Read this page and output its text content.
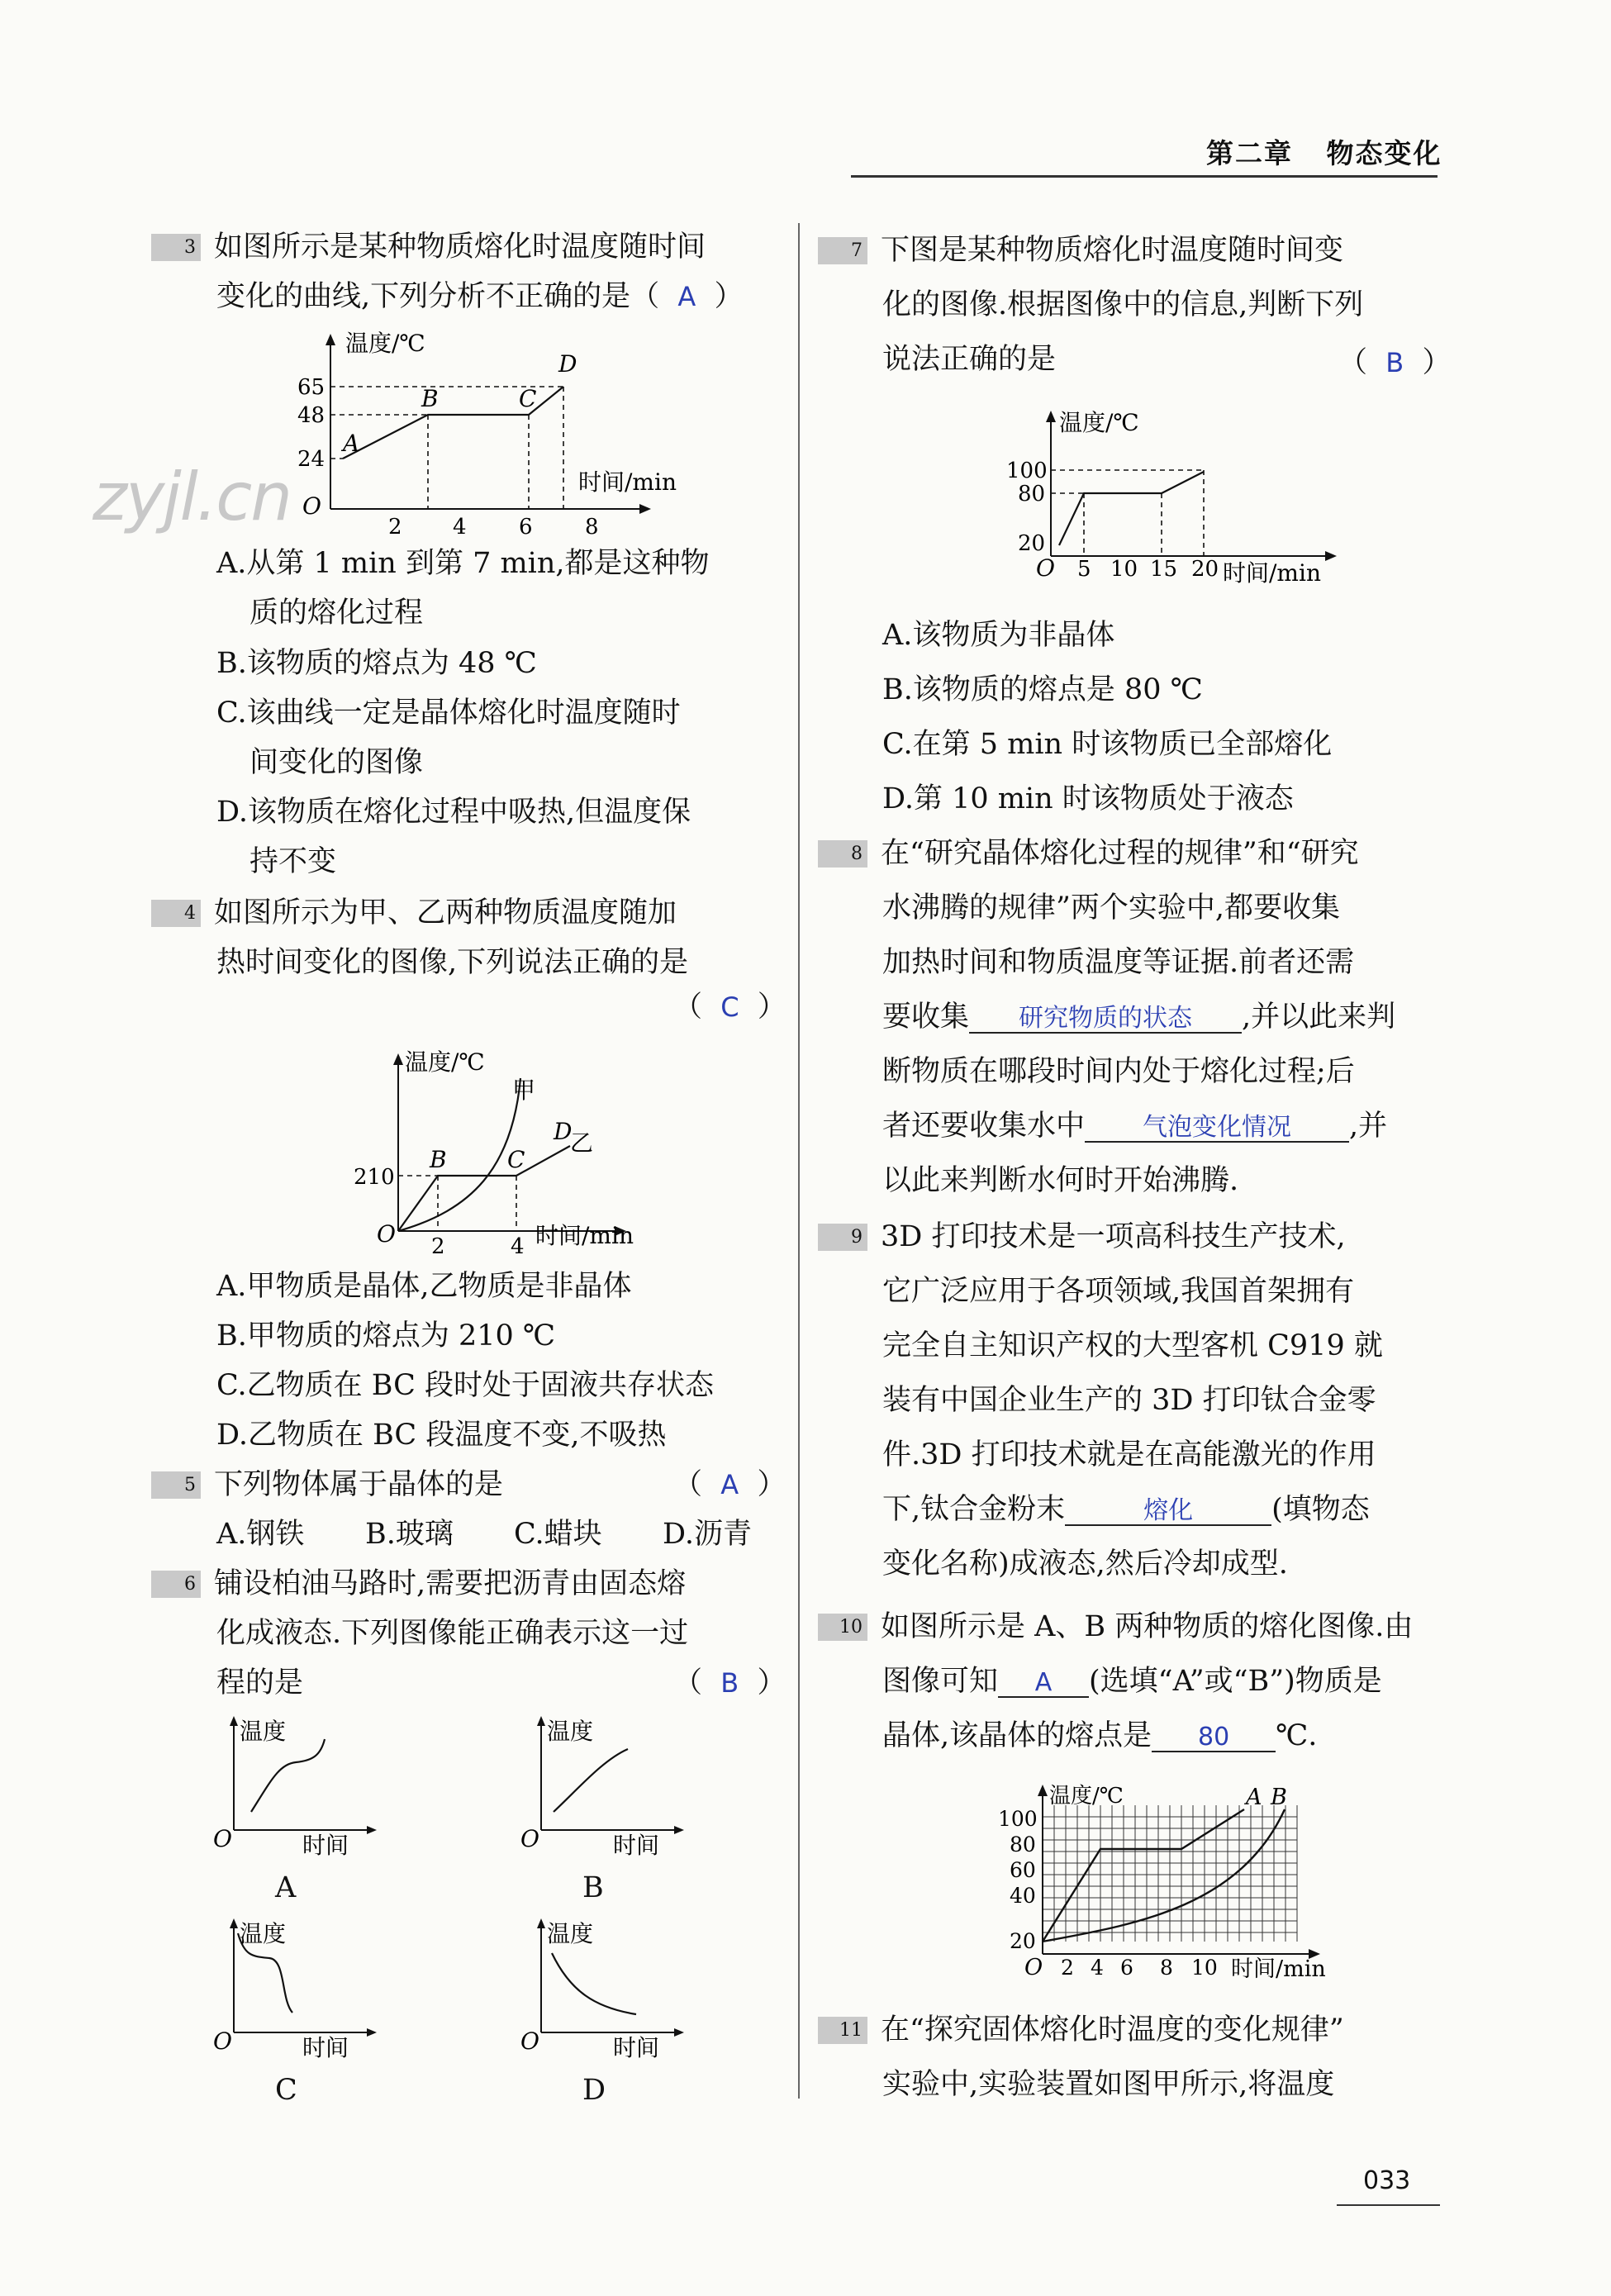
第二章   物态变化
zyjl.cn
033
3 如图所示是某种物质熔化时温度随时间
变化的曲线,下列分析不正确的是（ A ）
温度/℃
时间/min
O
65
48
24
2 4 6 8
A
B	C
D
A.从第 1 min 到第 7 min,都是这种物
质的熔化过程
B.该物质的熔点为 48 ℃
C.该曲线一定是晶体熔化时温度随时
间变化的图像
D.该物质在熔化过程中吸热,但温度保
持不变
4 如图所示为甲、乙两种物质温度随加
热时间变化的图像,下列说法正确的是
（ C ）
温度/℃
时间/min
O
210
2	4
甲
乙
B	C
D
A.甲物质是晶体,乙物质是非晶体
B.甲物质的熔点为 210 ℃
C.乙物质在 BC 段时处于固液共存状态
D.乙物质在 BC 段温度不变,不吸热
5 下列物体属于晶体的是	（ A ）
A.钢铁 B.玻璃 C.蜡块 D.沥青
6 铺设柏油马路时,需要把沥青由固态熔
化成液态.下列图像能正确表示这一过
程的是	（ B ）
温度
时间
O
A
温度
时间
O
B
温度
时间
O
C
温度
时间
O
D
7 下图是某种物质熔化时温度随时间变
化的图像.根据图像中的信息,判断下列
说法正确的是	（ B ）
温度/℃
时间/min
O
100
80
20
5 10 15 20
A.该物质为非晶体
B.该物质的熔点是 80 ℃
C.在第 5 min 时该物质已全部熔化
D.第 10 min 时该物质处于液态
8 在“研究晶体熔化过程的规律”和“研究
水沸腾的规律”两个实验中,都要收集
加热时间和物质温度等证据.前者还需
要收集 研究物质的状态 ,并以此来判
断物质在哪段时间内处于熔化过程;后
者还要收集水中 气泡变化情况 ,并
以此来判断水何时开始沸腾.
9 3D 打印技术是一项高科技生产技术,
它广泛应用于各项领域,我国首架拥有
完全自主知识产权的大型客机 C919 就
装有中国企业生产的 3D 打印钛合金零
件.3D 打印技术就是在高能激光的作用
下,钛合金粉末	熔化	(填物态
变化名称)成液态,然后冷却成型.
10 如图所示是 A、B 两种物质的熔化图像.由
图像可知 A (选填“A”或“B”)物质是
晶体,该晶体的熔点是 80 ℃.
温度/℃
时间/min
O
100
80
60
40
20
2 4 6 8 10
A B
11 在“探究固体熔化时温度的变化规律”
实验中,实验装置如图甲所示,将温度
